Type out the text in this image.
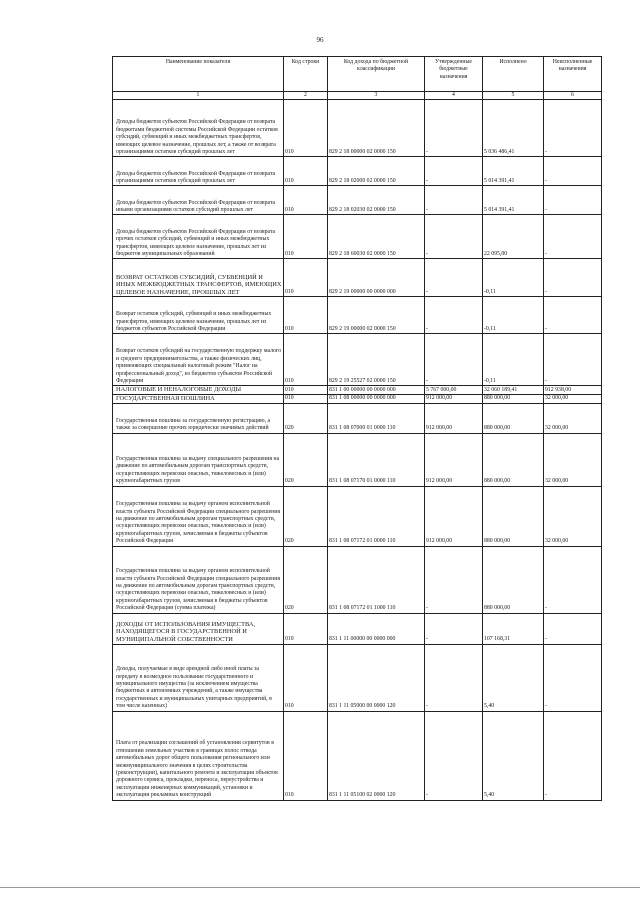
96
Наименование показателя	Код строки	Код дохода по бюджетной классификации	Утвержденные бюджетные назначения	Исполнено	Неисполненные назначения
1	2	3	4	5	6
Доходы бюджетов субъектов Российской Федерации от возврата бюджетами бюджетной системы Российской Федерации остатков субсидий, субвенций и иных межбюджетных трансфертов, имеющих целевое назначение, прошлых лет, а также от возврата организациями остатков субсидий прошлых лет	010	829 2 18 00000 02 0000 150	-	5 036 486,41	-
Доходы бюджетов субъектов Российской Федерации от возврата организациями остатков субсидий прошлых лет	010	829 2 18 02000 02 0000 150	-	5 014 391,41	-
Доходы бюджетов субъектов Российской Федерации от возврата иными организациями остатков субсидий прошлых лет	010	829 2 18 02030 02 0000 150	-	5 014 391,41	-
Доходы бюджетов субъектов Российской Федерации от возврата прочих остатков субсидий, субвенций и иных межбюджетных трансфертов, имеющих целевое назначение, прошлых лет из бюджетов муниципальных образований	010	829 2 18 60030 02 0000 150	-	22 095,00	-
ВОЗВРАТ ОСТАТКОВ СУБСИДИЙ, СУБВЕНЦИЙ И ИНЫХ МЕЖБЮДЖЕТНЫХ ТРАНСФЕРТОВ, ИМЕЮЩИХ ЦЕЛЕВОЕ НАЗНАЧЕНИЕ, ПРОШЛЫХ ЛЕТ	010	829 2 19 00000 00 0000 000	-	-0,11	-
Возврат остатков субсидий, субвенций и иных межбюджетных трансфертов, имеющих целевое назначение, прошлых лет из бюджетов субъектов Российской Федерации	010	829 2 19 00000 02 0000 150	-	-0,11	-
Возврат остатков субсидий на государственную поддержку малого и среднего предпринимательства, а также физических лиц, применяющих специальный налоговый режим "Налог на профессиональный доход", из бюджетов субъектов Российской Федерации	010	829 2 19 25527 02 0000 150	-	-0,11	-
НАЛОГОВЫЕ И НЕНАЛОГОВЫЕ ДОХОДЫ	010	831 1 00 00000 00 0000 000	5 767 000,00	32 060 189,41	912 938,00
ГОСУДАРСТВЕННАЯ ПОШЛИНА	010	831 1 08 00000 00 0000 000	912 000,00	880 000,00	32 000,00
Государственная пошлина за государственную регистрацию, а также за совершение прочих юридически значимых действий	020	831 1 08 07000 01 0000 110	912 000,00	880 000,00	32 000,00
Государственная пошлина за выдачу специального разрешения на движение по автомобильным дорогам транспортных средств, осуществляющих перевозки опасных, тяжеловесных и (или) крупногабаритных грузов	020	831 1 08 07170 01 0000 110	912 000,00	880 000,00	32 000,00
Государственная пошлина за выдачу органом исполнительной власти субъекта Российской Федерации специального разрешения на движение по автомобильным дорогам транспортных средств, осуществляющих перевозки опасных, тяжеловесных и (или) крупногабаритных грузов, зачисляемая в бюджеты субъектов Российской Федерации	020	831 1 08 07172 01 0000 110	912 000,00	880 000,00	32 000,00
Государственная пошлина за выдачу органом исполнительной власти субъекта Российской Федерации специального разрешения на движение по автомобильным дорогам транспортных средств, осуществляющих перевозки опасных, тяжеловесных и (или) крупногабаритных грузов, зачисляемая в бюджеты субъектов Российской Федерации (сумма платежа)	020	831 1 08 07172 01 1000 110	-	880 000,00	-
ДОХОДЫ ОТ ИСПОЛЬЗОВАНИЯ ИМУЩЕСТВА, НАХОДЯЩЕГОСЯ В ГОСУДАРСТВЕННОЙ И МУНИЦИПАЛЬНОЙ СОБСТВЕННОСТИ	010	831 1 11 00000 00 0000 000	-	107 168,31	-
Доходы, получаемые в виде арендной либо иной платы за передачу в возмездное пользование государственного и муниципального имущества (за исключением имущества бюджетных и автономных учреждений, а также имущества государственных и муниципальных унитарных предприятий, в том числе казенных)	010	831 1 11 05000 00 0000 120	-	5,40	-
Плата от реализации соглашений об установлении сервитутов в отношении земельных участков в границах полос отвода автомобильных дорог общего пользования регионального или межмуниципального значения в целях строительства (реконструкции), капитального ремонта и эксплуатации объектов дорожного сервиса, прокладки, переноса, переустройства и эксплуатации инженерных коммуникаций, установки и эксплуатации рекламных конструкций	010	831 1 11 05100 02 0000 120	-	5,40	-
